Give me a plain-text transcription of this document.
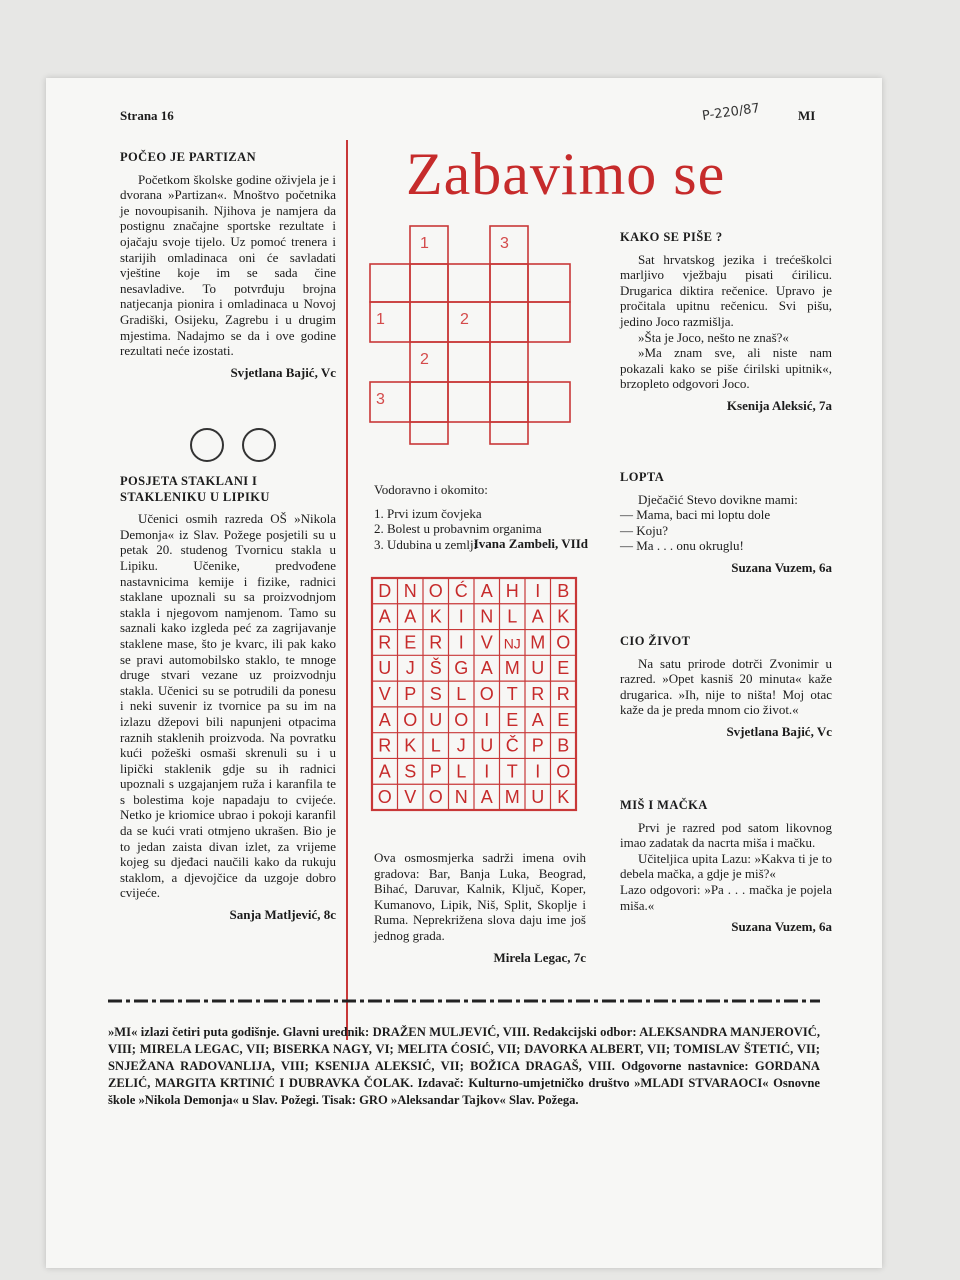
Strana 16	MI
P-220/87
POČEO JE PARTIZAN

Početkom školske godine oživjela je i dvorana »Partizan«. Mnoštvo početnika je novoupisanih. Njihova je namjera da postignu značajne sportske rezultate i ojačaju svoje tijelo. Uz pomoć trenera i starijih omladinaca oni će savladati vještine koje im se sada čine nesavladive. To potvrđuju brojna natjecanja pionira i omladinaca u Novoj Gradiški, Osijeku, Zagrebu i u drugim mjestima. Nadajmo se da i ove godine rezultati neće izostati.

Svjetlana Bajić, Vc
POSJETA STAKLANI I STAKLENIKU U LIPIKU

Učenici osmih razreda OŠ »Nikola Demonja« iz Slav. Požege posjetili su u petak 20. studenog Tvornicu stakla u Lipiku. Učenike, predvođene nastavnicima kemije i fizike, radnici staklane upoznali su sa proizvodnjom stakla i njegovom namjenom. Tamo su saznali kako izgleda peć za zagrijavanje staklene mase, što je kvarc, ili pak kako se pravi automobilsko staklo, te mnoge druge stvari vezane uz proizvodnju stakla. Učenici su se potrudili da ponesu i neki suvenir iz tvornice pa su im na izlazu džepovi bili napunjeni otpacima raznih staklenih proizvoda. Na povratku kući požeški osmaši skrenuli su i u lipički staklenik gdje su ih radnici upoznali s uzgajanjem ruža i karanfila te s bolestima koje napadaju to cvijeće. Netko je kriomice ubrao i pokoji karanfil da se kući vrati otmjeno ukrašen. Bio je to jedan zaista divan izlet, za vrijeme kojeg su djeđaci naučili kako da rukuju staklom, a djevojčice da uzgoje dobro cvijeće.

Sanja Matljević, 8c
Zabavimo se
1	3
1	2
2
3

Vodoravno i okomito:

1. Prvi izum čovjeka

2. Bolest u probavnim organima

3. Udubina u zemlji

Ivana Zambeli, VIId
D N O Ć A H I B
A A K I N L A K
R E R I V NJ M O
U J Š G A M U E
V P S L O T R R
A O U O I E A E
R K L J U Č P B
A S P L I T I O
O V O N A M U K

Ova osmosmjerka sadrži imena ovih gradova: Bar, Banja Luka, Beograd, Bihać, Daruvar, Kalnik, Ključ, Koper, Kumanovo, Lipik, Niš, Split, Skoplje i Ruma. Neprekrižena slova daju ime još jednog grada.

Mirela Legac, 7c
KAKO SE PIŠE ?

Sat hrvatskog jezika i trećeškolci marljivo vježbaju pisati ćirilicu. Drugarica diktira rečenice. Upravo je pročitala upitnu rečenicu. Svi pišu, jedino Joco razmišlja.

»Šta je Joco, nešto ne znaš?«

»Ma znam sve, ali niste nam pokazali kako se piše ćirilski upitnik«, brzopleto odgovori Joco.

Ksenija Aleksić, 7a
LOPTA

Dječačić Stevo dovikne mami:

— Mama, baci mi loptu dole

— Koju?

— Ma . . . onu okruglu!

Suzana Vuzem, 6a
CIO ŽIVOT

Na satu prirode dotrči Zvonimir u razred. »Opet kasniš 20 minuta« kaže drugarica. »Ih, nije to ništa! Moj otac kaže da je preda mnom cio život.«

Svjetlana Bajić, Vc
MIŠ I MAČKA

Prvi je razred pod satom likovnog imao zadatak da nacrta miša i mačku.

Učiteljica upita Lazu: »Kakva ti je to debela mačka, a gdje je miš?«

Lazo odgovori: »Pa . . . mačka je pojela miša.«

Suzana Vuzem, 6a
»MI« izlazi četiri puta godišnje. Glavni urednik: DRAŽEN MULJEVIĆ, VIII. Redakcijski odbor: ALEKSANDRA MANJEROVIĆ, VIII; MIRELA LEGAC, VII; BISERKA NAGY, VI; MELITA ĆOSIĆ, VII; DAVORKA ALBERT, VII; TOMISLAV ŠTETIĆ, VII; SNJEŽANA RADOVANLIJA, VIII; KSENIJA ALEKSIĆ, VII; BOŽICA DRAGAŠ, VIII. Odgovorne nastavnice: GORDANA ZELIĆ, MARGITA KRTINIĆ I DUBRAVKA ČOLAK. Izdavač: Kulturno-umjetničko društvo »MLADI STVARAOCI« Osnovne škole »Nikola Demonja« u Slav. Požegi. Tisak: GRO »Aleksandar Tajkov« Slav. Požega.
